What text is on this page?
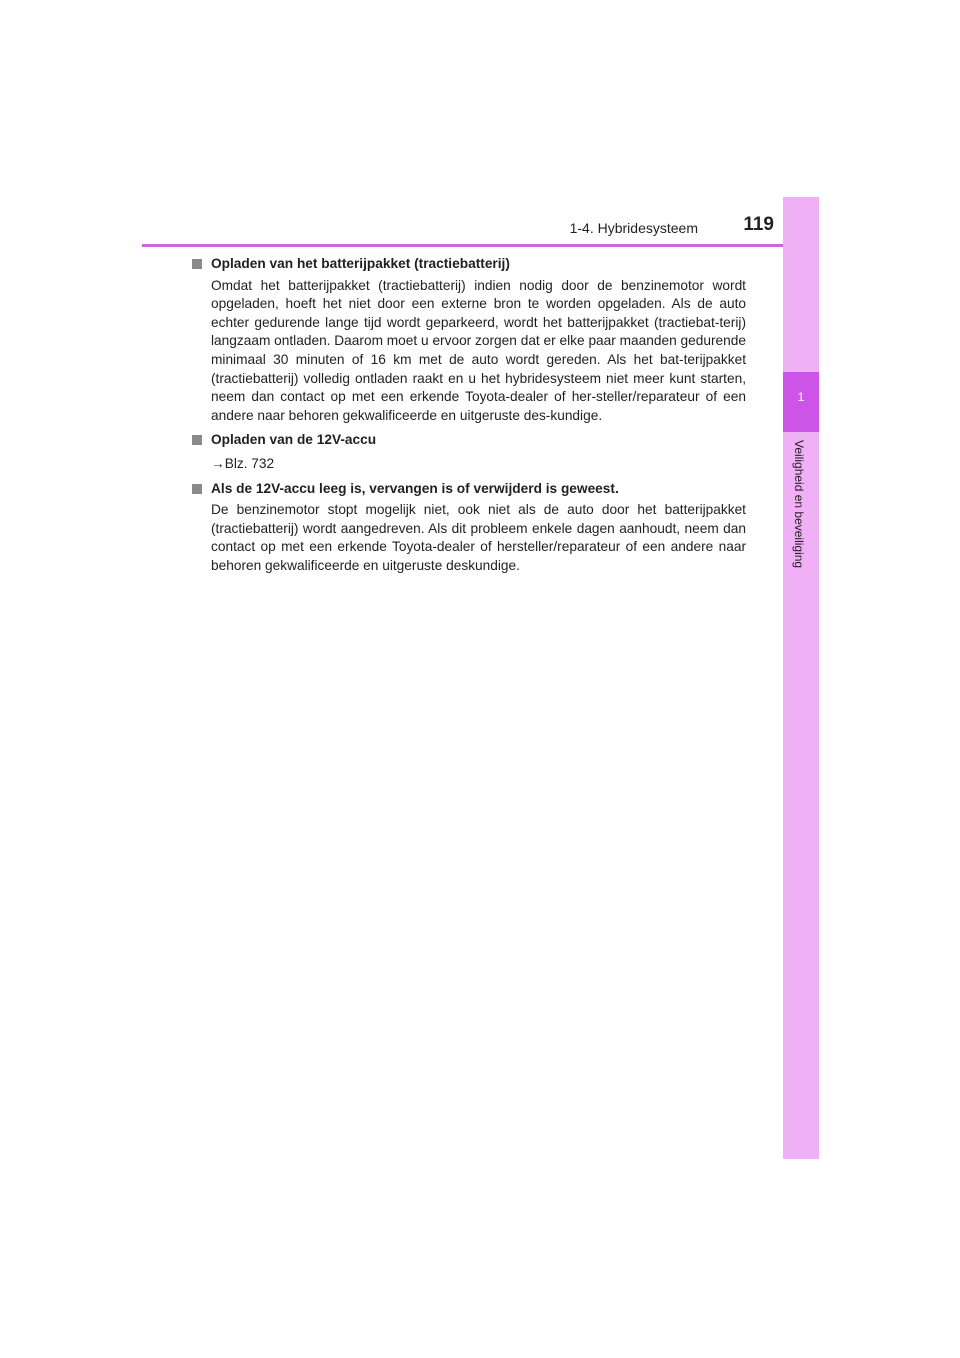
1-4. Hybridesysteem 119
1
Veiligheid en beveiliging
Opladen van het batterijpakket (tractiebatterij)

Omdat het batterijpakket (tractiebatterij) indien nodig door de benzinemotor wordt opgeladen, hoeft het niet door een externe bron te worden opgeladen. Als de auto echter gedurende lange tijd wordt geparkeerd, wordt het batterijpakket (tractiebat-terij) langzaam ontladen. Daarom moet u ervoor zorgen dat er elke paar maanden gedurende minimaal 30 minuten of 16 km met de auto wordt gereden. Als het bat-terijpakket (tractiebatterij) volledig ontladen raakt en u het hybridesysteem niet meer kunt starten, neem dan contact op met een erkende Toyota-dealer of her-steller/reparateur of een andere naar behoren gekwalificeerde en uitgeruste des-kundige.

Opladen van de 12V-accu

→Blz. 732

Als de 12V-accu leeg is, vervangen is of verwijderd is geweest.

De benzinemotor stopt mogelijk niet, ook niet als de auto door het batterijpakket (tractiebatterij) wordt aangedreven. Als dit probleem enkele dagen aanhoudt, neem dan contact op met een erkende Toyota-dealer of hersteller/reparateur of een andere naar behoren gekwalificeerde en uitgeruste deskundige.
